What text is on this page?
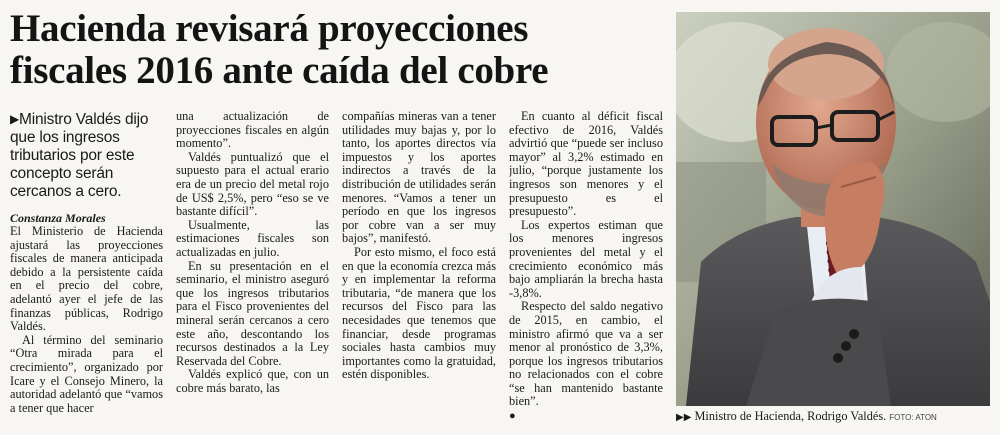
Hacienda revisará proyecciones
fiscales 2016 ante caída del cobre
▶Ministro Valdés dijo que los ingresos tributarios por este concepto serán cercanos a cero.

Constanza Morales

El Ministerio de Hacienda ajustará las proyecciones fiscales de manera anticipada debido a la persistente caída en el precio del cobre, adelantó ayer el jefe de las finanzas públicas, Rodrigo Valdés.

Al término del seminario “Otra mirada para el crecimiento”, organizado por Icare y el Consejo Minero, la autoridad adelantó que “vamos a tener que hacer

una actualización de proyecciones fiscales en algún momento”.

Valdés puntualizó que el supuesto para el actual erario era de un precio del metal rojo de US$ 2,5%, pero “eso se ve bastante difícil”.

Usualmente, las estimaciones fiscales son actualizadas en julio.

En su presentación en el seminario, el ministro aseguró que los ingresos tributarios para el Fisco provenientes del mineral serán cercanos a cero este año, descontando los recursos destinados a la Ley Reservada del Cobre.

Valdés explicó que, con un cobre más barato, las

compañías mineras van a tener utilidades muy bajas y, por lo tanto, los aportes directos vía impuestos y los aportes indirectos a través de la distribución de utilidades serán menores. “Vamos a tener un período en que los ingresos por cobre van a ser muy bajos”, manifestó.

Por esto mismo, el foco está en que la economía crezca más y en implementar la reforma tributaria, “de manera que los recursos del Fisco para las necesidades que tenemos que financiar, desde programas sociales hasta cambios muy importantes como la gratuidad, estén disponibles.

En cuanto al déficit fiscal efectivo de 2016, Valdés advirtió que “puede ser incluso mayor” al 3,2% estimado en julio, “porque justamente los ingresos son menores y el presupuesto es el presupuesto”.

Los expertos estiman que los menores ingresos provenientes del metal y el crecimiento económico más bajo ampliarán la brecha hasta -3,8%.

Respecto del saldo negativo de 2015, en cambio, el ministro afirmó que va a ser menor al pronóstico de 3,3%, porque los ingresos tributarios no relacionados con el cobre “se han mantenido bastante bien”.

●	▶▶ Ministro de Hacienda, Rodrigo Valdés. FOTO: ATON
